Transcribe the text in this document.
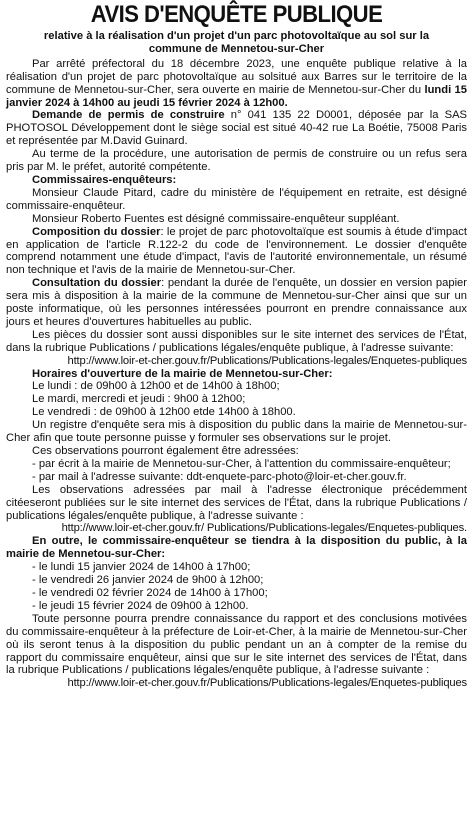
AVIS D'ENQUÊTE PUBLIQUE
relative à la réalisation d'un projet d'un parc photovoltaïque au sol sur la commune de Mennetou-sur-Cher

Par arrêté préfectoral du 18 décembre 2023, une enquête publique relative à la réalisation d'un projet de parc photovoltaïque au solsitué aux Barres sur le territoire de la commune de Mennetou-sur-Cher, sera ouverte en mairie de Mennetou-sur-Cher du lundi 15 janvier 2024 à 14h00 au jeudi 15 février 2024 à 12h00.

Demande de permis de construire n° 041 135 22 D0001, déposée par la SAS PHOTOSOL Développement dont le siège social est situé 40-42 rue La Boétie, 75008 Paris et représentée par M.David Guinard.

Au terme de la procédure, une autorisation de permis de construire ou un refus sera pris par M. le préfet, autorité compétente.

Commissaires-enquêteurs:

Monsieur Claude Pitard, cadre du ministère de l'équipement en retraite, est désigné commissaire-enquêteur.

Monsieur Roberto Fuentes est désigné commissaire-enquêteur suppléant.

Composition du dossier: le projet de parc photovoltaïque est soumis à étude d'impact en application de l'article R.122-2 du code de l'environnement. Le dossier d'enquête comprend notamment une étude d'impact, l'avis de l'autorité environnementale, un résumé non technique et l'avis de la mairie de Mennetou-sur-Cher.

Consultation du dossier: pendant la durée de l'enquête, un dossier en version papier sera mis à disposition à la mairie de la commune de Mennetou-sur-Cher ainsi que sur un poste informatique, où les personnes intéressées pourront en prendre connaissance aux jours et heures d'ouvertures habituelles au public.

Les pièces du dossier sont aussi disponibles sur le site internet des services de l'État, dans la rubrique Publications / publications légales/enquête publique, à l'adresse suivante:

http://www.loir-et-cher.gouv.fr/Publications/Publications-legales/Enquetes-publiques

Horaires d'ouverture de la mairie de Mennetou-sur-Cher:

Le lundi : de 09h00 à 12h00 et de 14h00 à 18h00;

Le mardi, mercredi et jeudi : 9h00 à 12h00;

Le vendredi : de 09h00 à 12h00 etde 14h00 à 18h00.

Un registre d'enquête sera mis à disposition du public dans la mairie de Mennetou-sur-Cher afin que toute personne puisse y formuler ses observations sur le projet.

Ces observations pourront également être adressées:

- par écrit à la mairie de Mennetou-sur-Cher, à l'attention du commissaire-enquêteur;

- par mail à l'adresse suivante: ddt-enquete-parc-photo@loir-et-cher.gouv.fr.

Les observations adressées par mail à l'adresse électronique précédemment citéeseront publiées sur le site internet des services de l'État, dans la rubrique Publications / publications légales/enquête publique, à l'adresse suivante :

http://www.loir-et-cher.gouv.fr/ Publications/Publications-legales/Enquetes-publiques.

En outre, le commissaire-enquêteur se tiendra à la disposition du public, à la mairie de Mennetou-sur-Cher:

- le lundi 15 janvier 2024 de 14h00 à 17h00;

- le vendredi 26 janvier 2024 de 9h00 à 12h00;

- le vendredi 02 février 2024 de 14h00 à 17h00;

- le jeudi 15 février 2024 de 09h00 à 12h00.

Toute personne pourra prendre connaissance du rapport et des conclusions motivées du commissaire-enquêteur à la préfecture de Loir-et-Cher, à la mairie de Mennetou-sur-Cher où ils seront tenus à la disposition du public pendant un an à compter de la remise du rapport du commissaire enquêteur, ainsi que sur le site internet des services de l'État, dans la rubrique Publications / publications légales/enquête publique, à l'adresse suivante :

http://www.loir-et-cher.gouv.fr/Publications/Publications-legales/Enquetes-publiques
